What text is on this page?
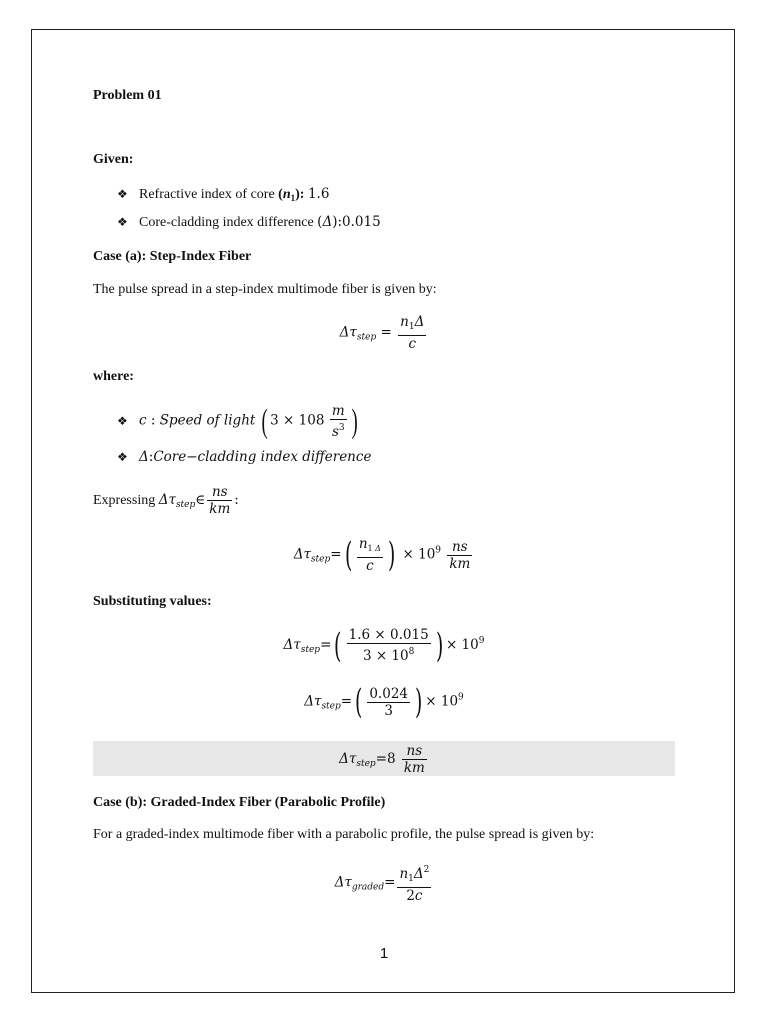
Problem 01
Given:
❖ Refractive index of core $(n_1)$: 1.6
❖ Core-cladding index difference (Δ):0.015
Case (a): Step-Index Fiber
The pulse spread in a step-index multimode fiber is given by:
$\Delta\tau_{step} = \frac{n_1\Delta}{c}$
where:
❖ c : Speed of light ( $3 \times 108 \frac{m}{s^3}$ )
❖ Δ:Core−cladding index difference
Expressing $\Delta\tau_{step}\in \frac{ns}{km}$ :
$\Delta\tau_{step}=( \frac{n_{1 \Delta}}{c}$ ) × $10^9 \frac{ns}{km}$
Substituting values:
$\Delta\tau_{step}=( \frac{1.6 \times 0.015}{3 \times 10^8}$ ) × $10^9$
$\Delta\tau_{step}=( \frac{0.024}{3}$ ) × $10^9$
$\Delta\tau_{step}=8 \frac{ns}{km}$
Case (b): Graded-Index Fiber (Parabolic Profile)
For a graded-index multimode fiber with a parabolic profile, the pulse spread is given by:
$\Delta\tau_{graded}= \frac{n_1\Delta^2}{2c}$
1
